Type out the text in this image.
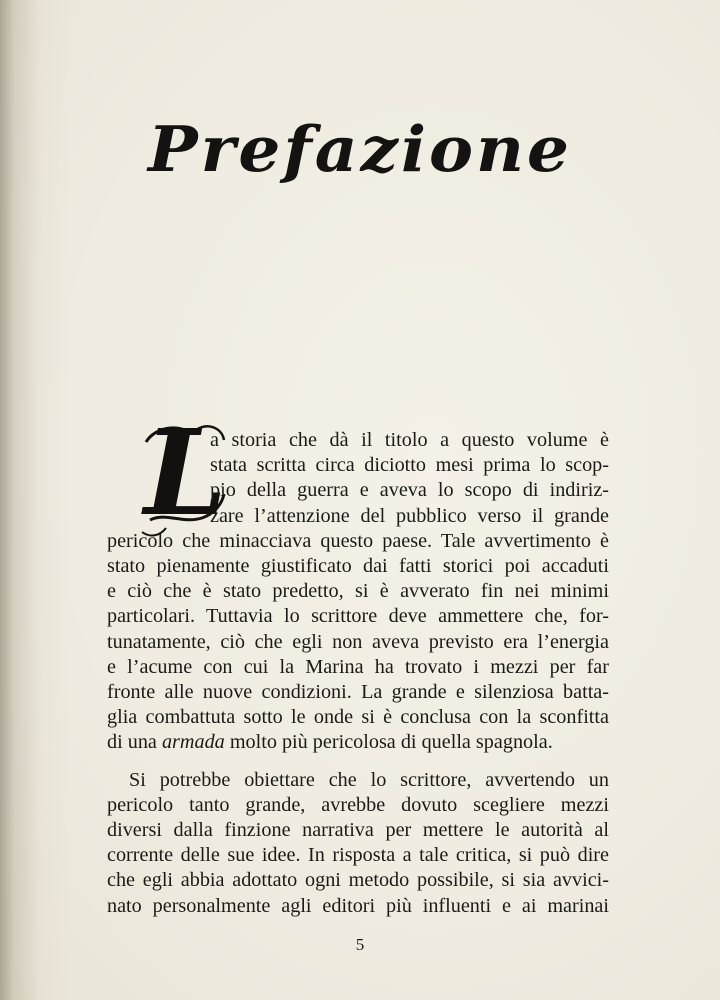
Prefazione
L
a storia che dà il titolo a questo volume è
stata scritta circa diciotto mesi prima lo scop-
pio della guerra e aveva lo scopo di indiriz-
zare l’attenzione del pubblico verso il grande
pericolo che minacciava questo paese. Tale avvertimento è
stato pienamente giustificato dai fatti storici poi accaduti
e ciò che è stato predetto, si è avverato fin nei minimi
particolari. Tuttavia lo scrittore deve ammettere che, for-
tunatamente, ciò che egli non aveva previsto era l’energia
e l’acume con cui la Marina ha trovato i mezzi per far
fronte alle nuove condizioni. La grande e silenziosa batta-
glia combattuta sotto le onde si è conclusa con la sconfitta
di una armada molto più pericolosa di quella spagnola.
Si potrebbe obiettare che lo scrittore, avvertendo un
pericolo tanto grande, avrebbe dovuto scegliere mezzi
diversi dalla finzione narrativa per mettere le autorità al
corrente delle sue idee. In risposta a tale critica, si può dire
che egli abbia adottato ogni metodo possibile, si sia avvici-
nato personalmente agli editori più influenti e ai marinai
5
